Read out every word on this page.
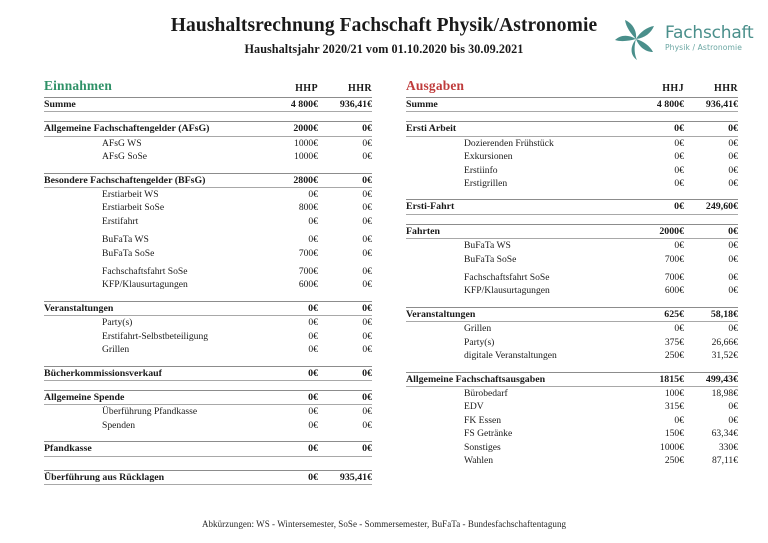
Haushaltsrechnung Fachschaft Physik/Astronomie
Haushaltsjahr 2020/21 vom 01.10.2020 bis 30.09.2021
Fachschaft
Physik / Astronomie
Einnahmen	HHP	HHR

Summe	4 800€	936,41€

Allgemeine Fachschaftengelder (AFsG)	2000€	0€

AFsG WS	1000€	0€
AFsG SoSe	1000€	0€

Besondere Fachschaftengelder (BFsG)	2800€	0€

Erstiarbeit WS	0€	0€
Erstiarbeit SoSe	800€	0€
Erstifahrt	0€	0€

BuFaTa WS	0€	0€
BuFaTa SoSe	700€	0€

Fachschaftsfahrt SoSe	700€	0€
KFP/Klausurtagungen	600€	0€

Veranstaltungen	0€	0€

Party(s)	0€	0€
Erstifahrt-Selbstbeteiligung	0€	0€
Grillen	0€	0€

Bücherkommissionsverkauf	0€	0€

Allgemeine Spende	0€	0€

Überführung Pfandkasse	0€	0€
Spenden	0€	0€

Pfandkasse	0€	0€

Überführung aus Rücklagen	0€	935,41€

Ausgaben	HHJ	HHR

Summe	4 800€	936,41€

Ersti Arbeit	0€	0€

Dozierenden Frühstück	0€	0€
Exkursionen	0€	0€
Erstiinfo	0€	0€
Erstigrillen	0€	0€

Ersti-Fahrt	0€	249,60€

Fahrten	2000€	0€

BuFaTa WS	0€	0€
BuFaTa SoSe	700€	0€

Fachschaftsfahrt SoSe	700€	0€
KFP/Klausurtagungen	600€	0€

Veranstaltungen	625€	58,18€

Grillen	0€	0€
Party(s)	375€	26,66€
digitale Veranstaltungen	250€	31,52€

Allgemeine Fachschaftsausgaben	1815€	499,43€

Bürobedarf	100€	18,98€
EDV	315€	0€
FK Essen	0€	0€
FS Getränke	150€	63,34€
Sonstiges	1000€	330€
Wahlen	250€	87,11€
Abkürzungen: WS - Wintersemester, SoSe - Sommersemester, BuFaTa - Bundesfachschaftentagung
